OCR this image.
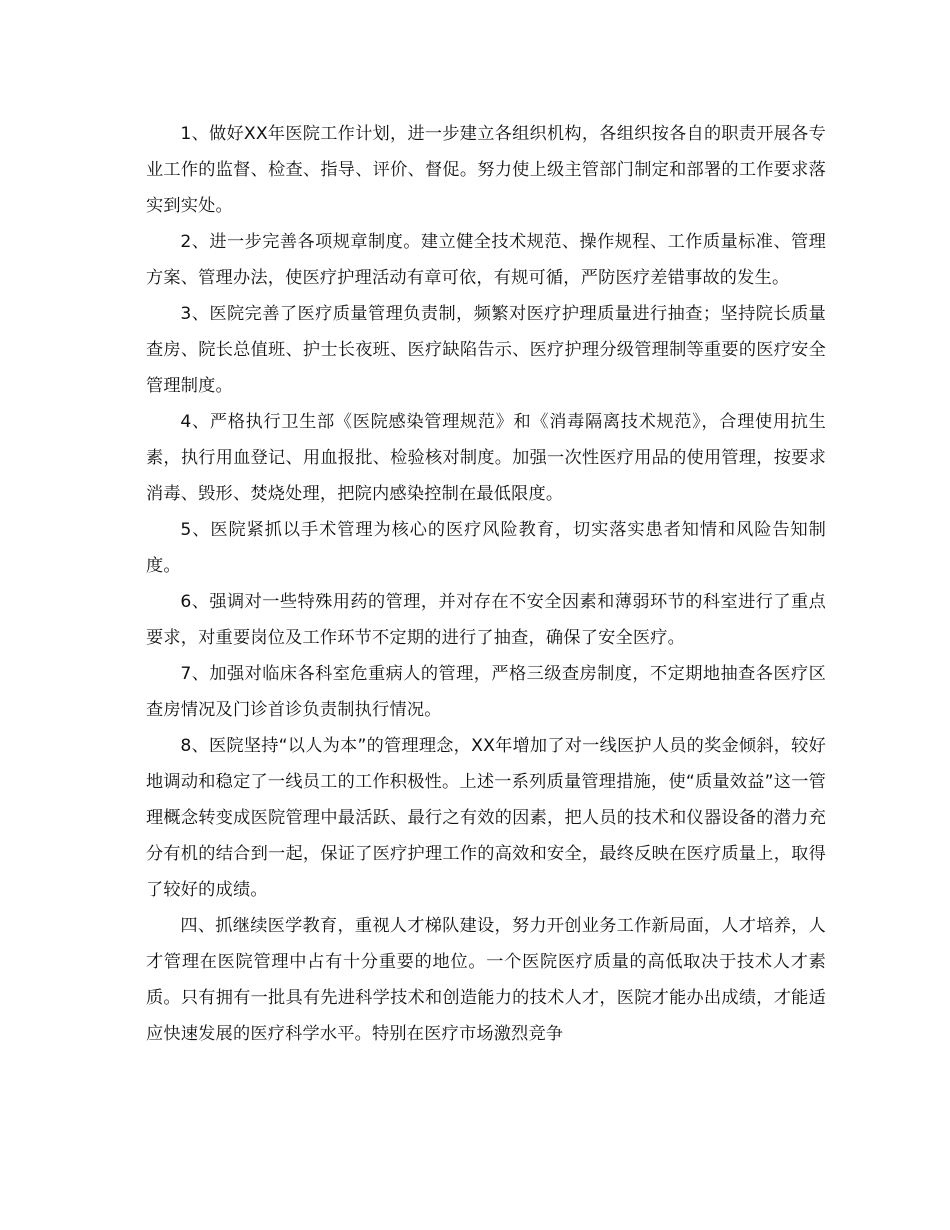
1、做好XX年医院工作计划，进一步建立各组织机构，各组织按各自的职责开展各专业工作的监督、检查、指导、评价、督促。努力使上级主管部门制定和部署的工作要求落实到实处。

2、进一步完善各项规章制度。建立健全技术规范、操作规程、工作质量标准、管理方案、管理办法，使医疗护理活动有章可依，有规可循，严防医疗差错事故的发生。

3、医院完善了医疗质量管理负责制，频繁对医疗护理质量进行抽查；坚持院长质量查房、院长总值班、护士长夜班、医疗缺陷告示、医疗护理分级管理制等重要的医疗安全管理制度。

4、严格执行卫生部《医院感染管理规范》和《消毒隔离技术规范》，合理使用抗生素，执行用血登记、用血报批、检验核对制度。加强一次性医疗用品的使用管理，按要求消毒、毁形、焚烧处理，把院内感染控制在最低限度。

5、医院紧抓以手术管理为核心的医疗风险教育，切实落实患者知情和风险告知制度。

6、强调对一些特殊用药的管理，并对存在不安全因素和薄弱环节的科室进行了重点要求，对重要岗位及工作环节不定期的进行了抽查，确保了安全医疗。

7、加强对临床各科室危重病人的管理，严格三级查房制度，不定期地抽查各医疗区查房情况及门诊首诊负责制执行情况。

8、医院坚持“以人为本”的管理理念，XX年增加了对一线医护人员的奖金倾斜，较好地调动和稳定了一线员工的工作积极性。上述一系列质量管理措施，使“质量效益”这一管理概念转变成医院管理中最活跃、最行之有效的因素，把人员的技术和仪器设备的潜力充分有机的结合到一起，保证了医疗护理工作的高效和安全，最终反映在医疗质量上，取得了较好的成绩。

四、抓继续医学教育，重视人才梯队建设，努力开创业务工作新局面，人才培养，人才管理在医院管理中占有十分重要的地位。一个医院医疗质量的高低取决于技术人才素质。只有拥有一批具有先进科学技术和创造能力的技术人才，医院才能办出成绩，才能适应快速发展的医疗科学水平。特别在医疗市场激烈竞争
